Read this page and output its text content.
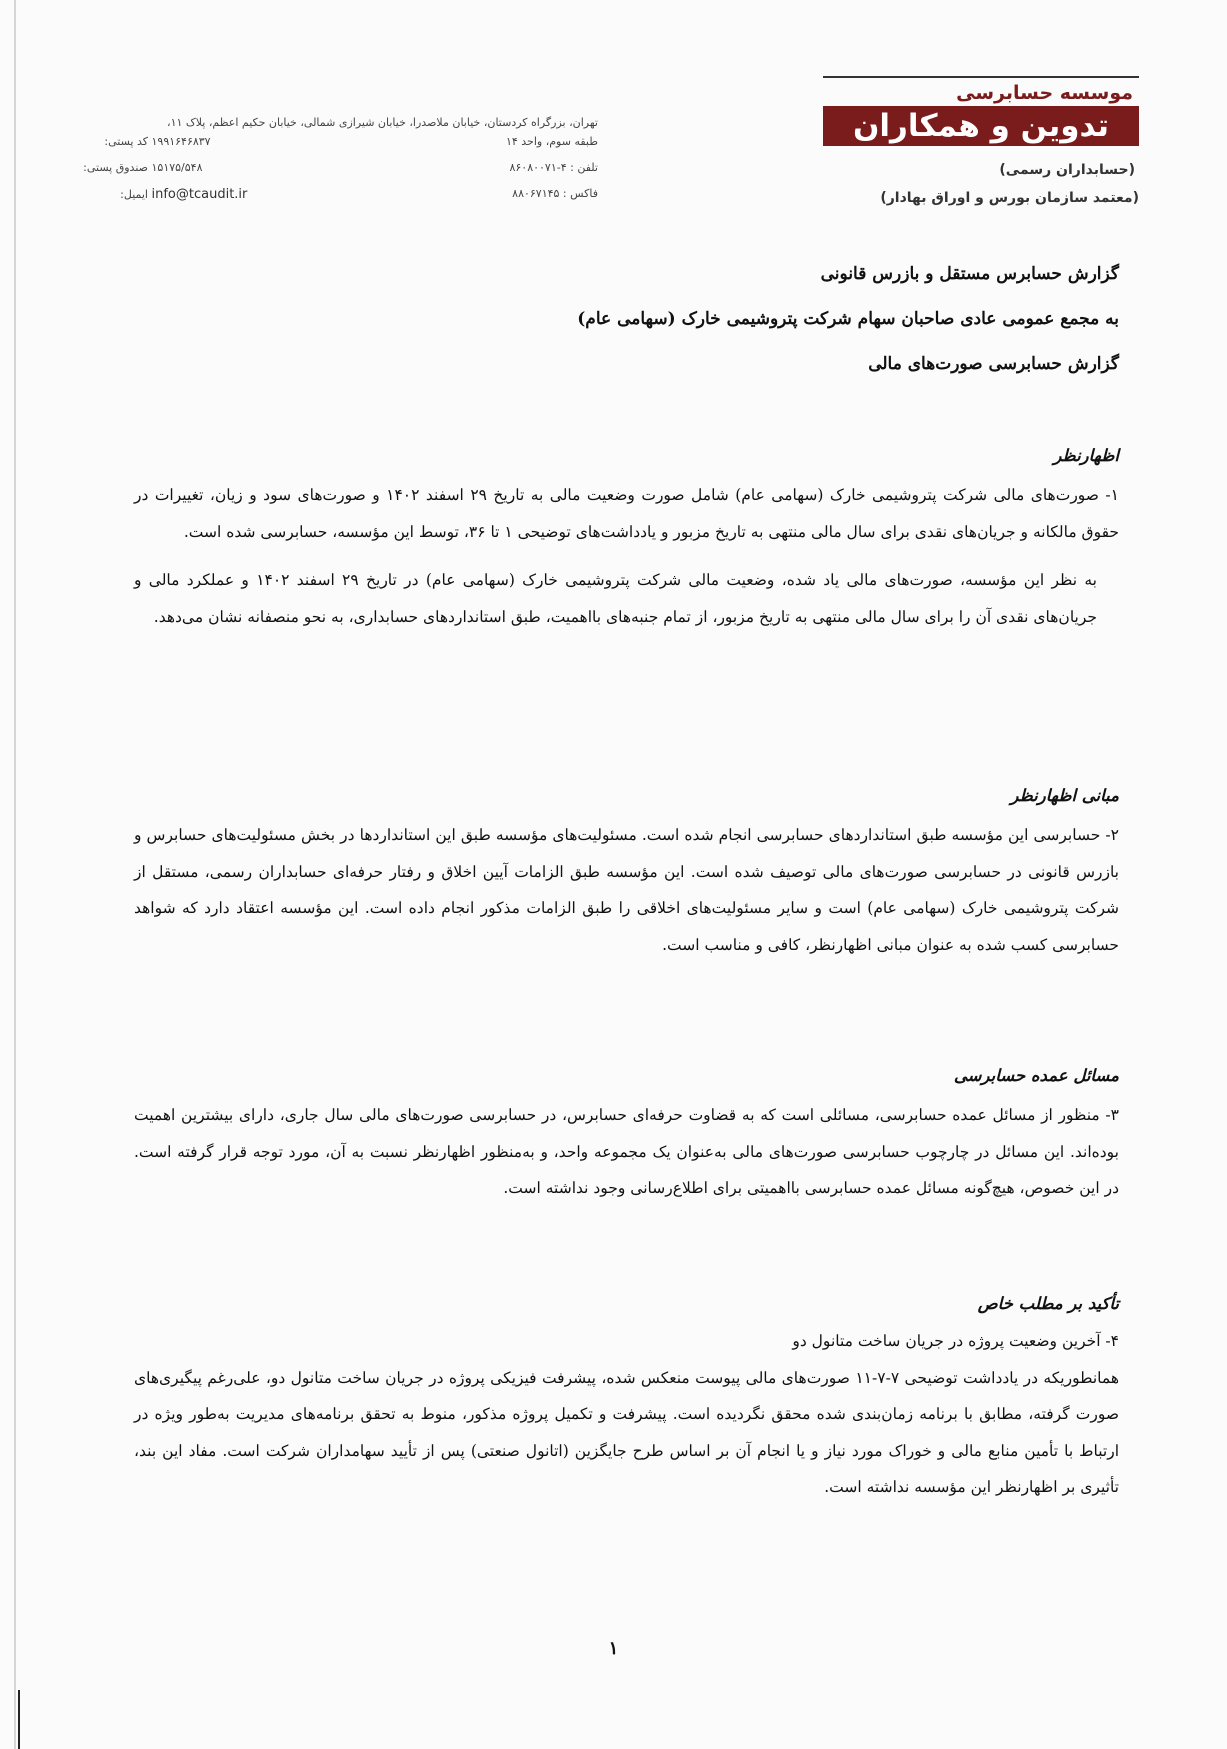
موسسه حسابرسی
تدوین و همکاران
(حسابداران رسمی)
(معتمد سازمان بورس و اوراق بهادار)
تهران، بزرگراه کردستان، خیابان ملاصدرا، خیابان شیرازی شمالی، خیابان حکیم اعظم، پلاک ۱۱،
طبقه سوم، واحد ۱۴
۱۹۹۱۶۴۶۸۳۷ کد پستی:
تلفن : ۴-۸۶۰۸۰۰۷۱
۱۵۱۷۵/۵۴۸ صندوق پستی:
فاکس : ۸۸۰۶۷۱۴۵
info@tcaudit.ir ایمیل:
گزارش حسابرس مستقل و بازرس قانونی
به مجمع عمومی عادی صاحبان سهام شرکت پتروشیمی خارک (سهامی عام)
گزارش حسابرسی صورت‌های مالی
اظهارنظر
۱- صورت‌های مالی شرکت پتروشیمی خارک (سهامی عام) شامل صورت وضعیت مالی به تاریخ ۲۹ اسفند ۱۴۰۲ و صورت‌های سود و زیان، تغییرات در حقوق مالکانه و جریان‌های نقدی برای سال مالی منتهی به تاریخ مزبور و یادداشت‌های توضیحی ۱ تا ۳۶، توسط این مؤسسه، حسابرسی شده است.
به نظر این مؤسسه، صورت‌های مالی یاد شده، وضعیت مالی شرکت پتروشیمی خارک (سهامی عام) در تاریخ ۲۹ اسفند ۱۴۰۲ و عملکرد مالی و جریان‌های نقدی آن را برای سال مالی منتهی به تاریخ مزبور، از تمام جنبه‌های بااهمیت، طبق استانداردهای حسابداری، به نحو منصفانه نشان می‌دهد.
مبانی اظهارنظر
۲- حسابرسی این مؤسسه طبق استانداردهای حسابرسی انجام شده است. مسئولیت‌های مؤسسه طبق این استانداردها در بخش مسئولیت‌های حسابرس و بازرس قانونی در حسابرسی صورت‌های مالی توصیف شده است. این مؤسسه طبق الزامات آیین اخلاق و رفتار حرفه‌ای حسابداران رسمی، مستقل از شرکت پتروشیمی خارک (سهامی عام) است و سایر مسئولیت‌های اخلاقی را طبق الزامات مذکور انجام داده است. این مؤسسه اعتقاد دارد که شواهد حسابرسی کسب شده به عنوان مبانی اظهارنظر، کافی و مناسب است.
مسائل عمده حسابرسی
۳- منظور از مسائل عمده حسابرسی، مسائلی است که به قضاوت حرفه‌ای حسابرس، در حسابرسی صورت‌های مالی سال جاری، دارای بیشترین اهمیت بوده‌اند. این مسائل در چارچوب حسابرسی صورت‌های مالی به‌عنوان یک مجموعه واحد، و به‌منظور اظهارنظر نسبت به آن، مورد توجه قرار گرفته است. در این خصوص، هیچ‌گونه مسائل عمده حسابرسی بااهمیتی برای اطلاع‌رسانی وجود نداشته است.
تأکید بر مطلب خاص
۴- آخرین وضعیت پروژه در جریان ساخت متانول دو
همانطوریکه در یادداشت توضیحی ۷-۷-۱۱ صورت‌های مالی پیوست منعکس شده، پیشرفت فیزیکی پروژه در جریان ساخت متانول دو، علی‌رغم پیگیری‌های صورت گرفته، مطابق با برنامه زمان‌بندی شده محقق نگردیده است. پیشرفت و تکمیل پروژه مذکور، منوط به تحقق برنامه‌های مدیریت به‌طور ویژه در ارتباط با تأمین منابع مالی و خوراک مورد نیاز و یا انجام آن بر اساس طرح جایگزین (اتانول صنعتی) پس از تأیید سهامداران شرکت است. مفاد این بند، تأثیری بر اظهارنظر این مؤسسه نداشته است.
۱
